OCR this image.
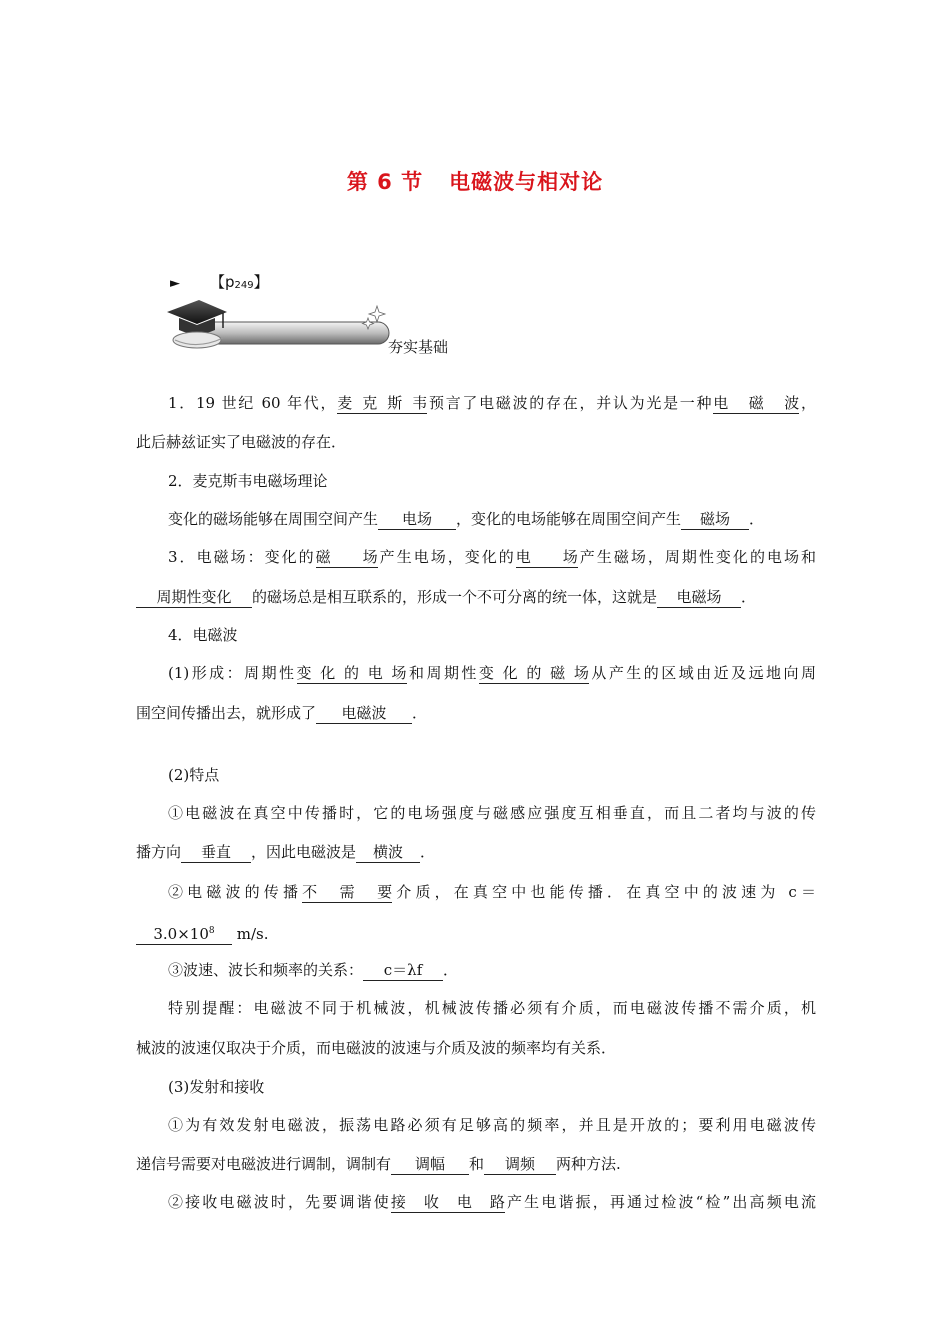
第 6 节 电磁波与相对论
► 【$p_{249}$】
夯实基础
1．19 世纪 60 年代，麦克斯韦预言了电磁波的存在，并认为光是一种电磁波，
此后赫兹证实了电磁波的存在．
2．麦克斯韦电磁场理论
变化的磁场能够在周围空间产生 电场 ，变化的电场能够在周围空间产生 磁场 ．
3．电磁场：变化的磁场产生电场，变化的电场产生磁场，周期性变化的电场和
周期性变化 的磁场总是相互联系的，形成一个不可分离的统一体，这就是 电磁场 ．
4．电磁波
(1)形成：周期性变化的电场和周期性变化的磁场从产生的区域由近及远地向周
围空间传播出去，就形成了 电磁波 ．
(2)特点
①电磁波在真空中传播时，它的电场强度与磁感应强度互相垂直，而且二者均与波的传
播方向 垂直 ，因此电磁波是 横波 ．
②电磁波的传播不需要介质，在真空中也能传播．在真空中的波速为 c＝
$3.0\times 10^8$ m/s.
③波速、波长和频率的关系： c＝λf ．
特别提醒：电磁波不同于机械波，机械波传播必须有介质，而电磁波传播不需介质，机
械波的波速仅取决于介质，而电磁波的波速与介质及波的频率均有关系．
(3)发射和接收
①为有效发射电磁波，振荡电路必须有足够高的频率，并且是开放的；要利用电磁波传
递信号需要对电磁波进行调制，调制有 调幅 和 调频 两种方法.
②接收电磁波时，先要调谐使接收电路产生电谐振，再通过检波“检”出高频电流
